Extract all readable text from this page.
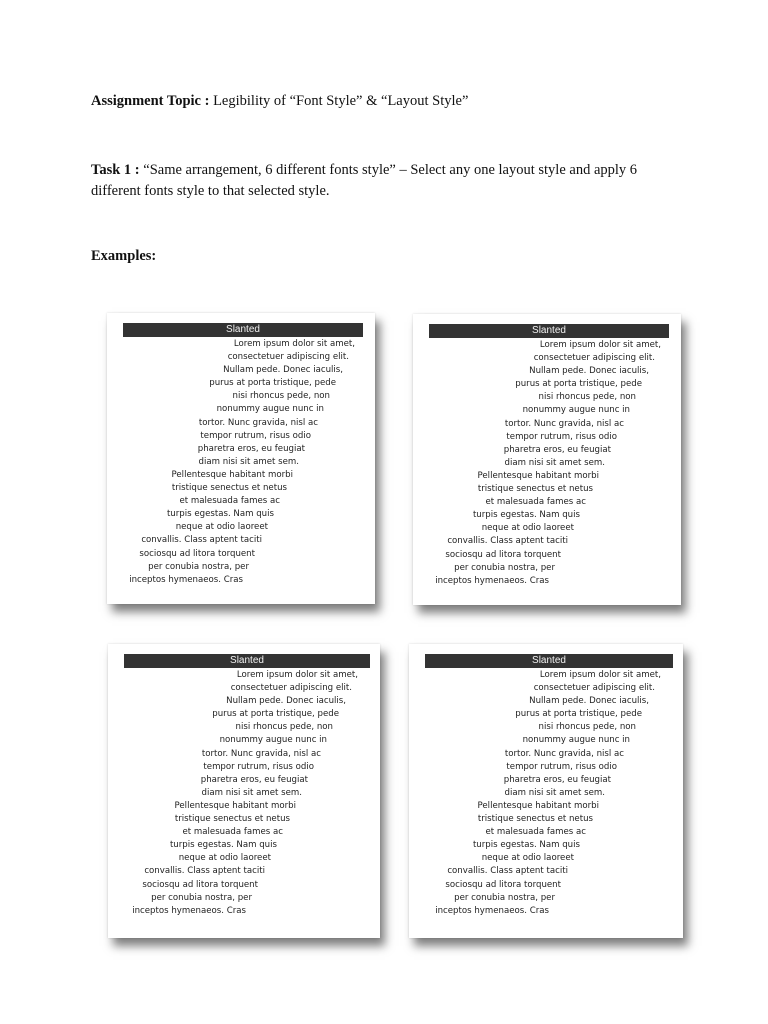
Assignment Topic : Legibility of “Font Style” & “Layout Style”
Task 1 : “Same arrangement, 6 different fonts style” – Select any one layout style and apply 6 different fonts style to that selected style.
Examples:
Slanted
Lorem ipsum dolor sit amet,
consectetuer adipiscing elit.
Nullam pede. Donec iaculis,
purus at porta tristique, pede
nisi rhoncus pede, non
nonummy augue nunc in
tortor. Nunc gravida, nisl ac
tempor rutrum, risus odio
pharetra eros, eu feugiat
diam nisi sit amet sem.
Pellentesque habitant morbi
tristique senectus et netus
et malesuada fames ac
turpis egestas. Nam quis
neque at odio laoreet
convallis. Class aptent taciti
sociosqu ad litora torquent
per conubia nostra, per
inceptos hymenaeos. Cras
Slanted
Lorem ipsum dolor sit amet,
consectetuer adipiscing elit.
Nullam pede. Donec iaculis,
purus at porta tristique, pede
nisi rhoncus pede, non
nonummy augue nunc in
tortor. Nunc gravida, nisl ac
tempor rutrum, risus odio
pharetra eros, eu feugiat
diam nisi sit amet sem.
Pellentesque habitant morbi
tristique senectus et netus
et malesuada fames ac
turpis egestas. Nam quis
neque at odio laoreet
convallis. Class aptent taciti
sociosqu ad litora torquent
per conubia nostra, per
inceptos hymenaeos. Cras
Slanted
Lorem ipsum dolor sit amet,
consectetuer adipiscing elit.
Nullam pede. Donec iaculis,
purus at porta tristique, pede
nisi rhoncus pede, non
nonummy augue nunc in
tortor. Nunc gravida, nisl ac
tempor rutrum, risus odio
pharetra eros, eu feugiat
diam nisi sit amet sem.
Pellentesque habitant morbi
tristique senectus et netus
et malesuada fames ac
turpis egestas. Nam quis
neque at odio laoreet
convallis. Class aptent taciti
sociosqu ad litora torquent
per conubia nostra, per
inceptos hymenaeos. Cras
Slanted
Lorem ipsum dolor sit amet,
consectetuer adipiscing elit.
Nullam pede. Donec iaculis,
purus at porta tristique, pede
nisi rhoncus pede, non
nonummy augue nunc in
tortor. Nunc gravida, nisl ac
tempor rutrum, risus odio
pharetra eros, eu feugiat
diam nisi sit amet sem.
Pellentesque habitant morbi
tristique senectus et netus
et malesuada fames ac
turpis egestas. Nam quis
neque at odio laoreet
convallis. Class aptent taciti
sociosqu ad litora torquent
per conubia nostra, per
inceptos hymenaeos. Cras
